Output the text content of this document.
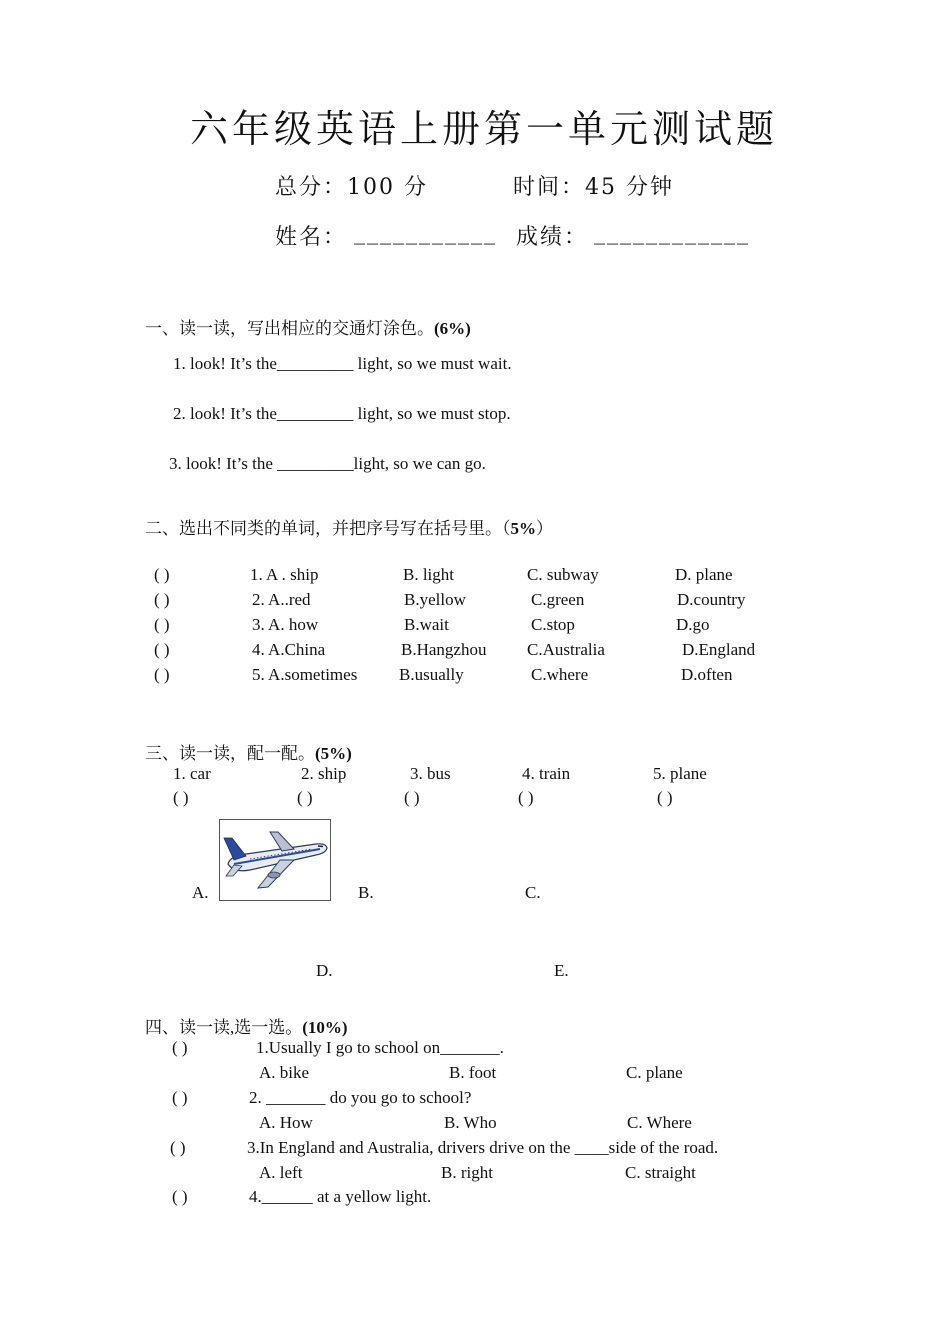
六年级英语上册第一单元测试题
总分：100 分	时间：45 分钟
姓名： ___________ 成绩： ____________
一、读一读，写出相应的交通灯涂色。(6%)
1. look! It’s the_________ light, so we must wait.
2. look! It’s the_________ light, so we must stop.
3. look! It’s the _________light, so we can go.
二、选出不同类的单词，并把序号写在括号里。（5%）
( )	1. A . ship	B. light	C. subway	D. plane
( )	2. A..red	B.yellow	C.green	D.country
( )	3. A. how	B.wait	C.stop	D.go
( )	4. A.China	B.Hangzhou C.Australia	D.England
( )	5. A.sometimes B.usually	C.where	D.often
三、读一读，配一配。(5%)
1. car	2. ship	3. bus	4. train	5. plane
( )	( )	( )	( )	( )
A.	B.	C.
D.	E.
四、读一读,选一选。(10%)
( )	1.Usually I go to school on_______.
A. bike	B. foot	C. plane
( )	2. _______ do you go to school?
A. How	B. Who	C. Where
( )	3.In England and Australia, drivers drive on the ____side of the road.
A. left	B. right	C. straight
( )	4.______ at a yellow light.
